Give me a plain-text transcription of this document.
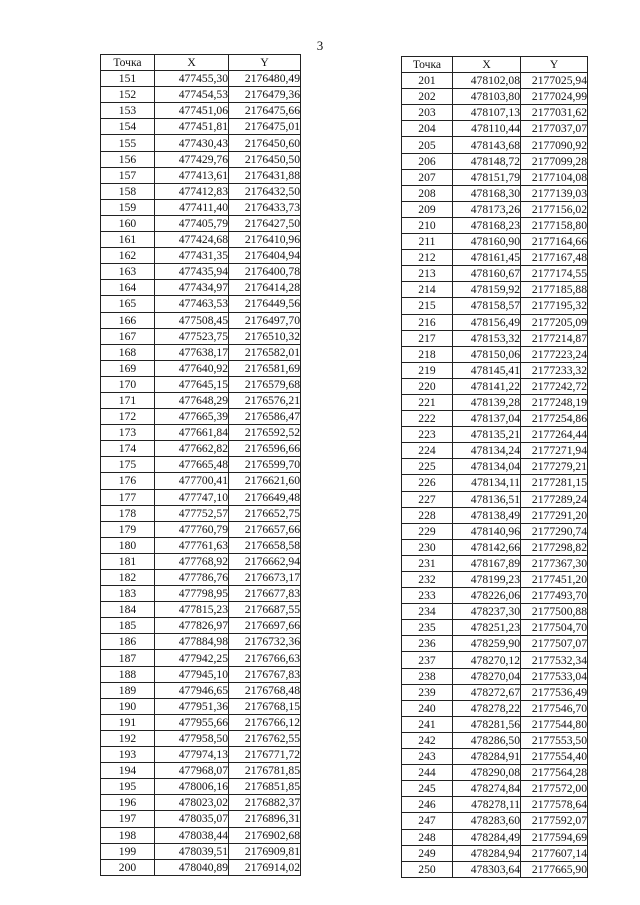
3
Точка	X	Y
151	477455,30	2176480,49
152	477454,53	2176479,36
153	477451,06	2176475,66
154	477451,81	2176475,01
155	477430,43	2176450,60
156	477429,76	2176450,50
157	477413,61	2176431,88
158	477412,83	2176432,50
159	477411,40	2176433,73
160	477405,79	2176427,50
161	477424,68	2176410,96
162	477431,35	2176404,94
163	477435,94	2176400,78
164	477434,97	2176414,28
165	477463,53	2176449,56
166	477508,45	2176497,70
167	477523,75	2176510,32
168	477638,17	2176582,01
169	477640,92	2176581,69
170	477645,15	2176579,68
171	477648,29	2176576,21
172	477665,39	2176586,47
173	477661,84	2176592,52
174	477662,82	2176596,66
175	477665,48	2176599,70
176	477700,41	2176621,60
177	477747,10	2176649,48
178	477752,57	2176652,75
179	477760,79	2176657,66
180	477761,63	2176658,58
181	477768,92	2176662,94
182	477786,76	2176673,17
183	477798,95	2176677,83
184	477815,23	2176687,55
185	477826,97	2176697,66
186	477884,98	2176732,36
187	477942,25	2176766,63
188	477945,10	2176767,83
189	477946,65	2176768,48
190	477951,36	2176768,15
191	477955,66	2176766,12
192	477958,50	2176762,55
193	477974,13	2176771,72
194	477968,07	2176781,85
195	478006,16	2176851,85
196	478023,02	2176882,37
197	478035,07	2176896,31
198	478038,44	2176902,68
199	478039,51	2176909,81
200	478040,89	2176914,02
Точка	X	Y
201	478102,08	2177025,94
202	478103,80	2177024,99
203	478107,13	2177031,62
204	478110,44	2177037,07
205	478143,68	2177090,92
206	478148,72	2177099,28
207	478151,79	2177104,08
208	478168,30	2177139,03
209	478173,26	2177156,02
210	478168,23	2177158,80
211	478160,90	2177164,66
212	478161,45	2177167,48
213	478160,67	2177174,55
214	478159,92	2177185,88
215	478158,57	2177195,32
216	478156,49	2177205,09
217	478153,32	2177214,87
218	478150,06	2177223,24
219	478145,41	2177233,32
220	478141,22	2177242,72
221	478139,28	2177248,19
222	478137,04	2177254,86
223	478135,21	2177264,44
224	478134,24	2177271,94
225	478134,04	2177279,21
226	478134,11	2177281,15
227	478136,51	2177289,24
228	478138,49	2177291,20
229	478140,96	2177290,74
230	478142,66	2177298,82
231	478167,89	2177367,30
232	478199,23	2177451,20
233	478226,06	2177493,70
234	478237,30	2177500,88
235	478251,23	2177504,70
236	478259,90	2177507,07
237	478270,12	2177532,34
238	478270,04	2177533,04
239	478272,67	2177536,49
240	478278,22	2177546,70
241	478281,56	2177544,80
242	478286,50	2177553,50
243	478284,91	2177554,40
244	478290,08	2177564,28
245	478274,84	2177572,00
246	478278,11	2177578,64
247	478283,60	2177592,07
248	478284,49	2177594,69
249	478284,94	2177607,14
250	478303,64	2177665,90
